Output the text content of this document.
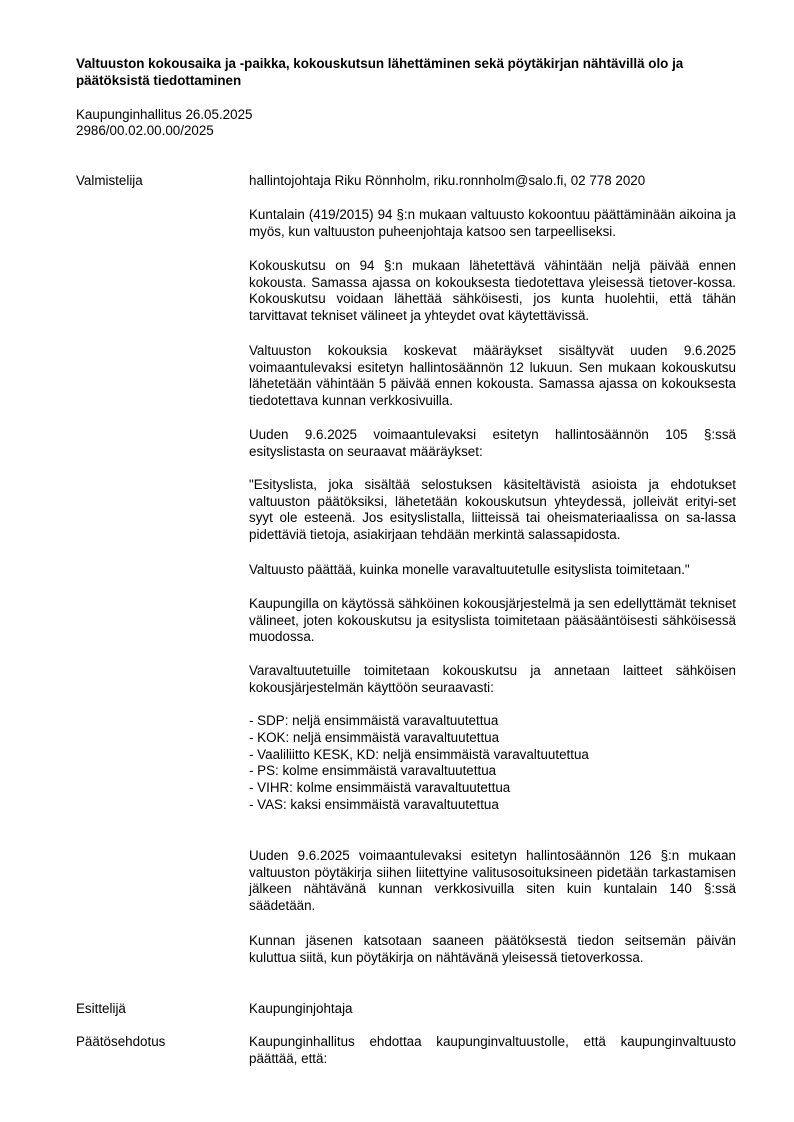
Valtuuston kokousaika ja -paikka, kokouskutsun lähettäminen sekä pöytäkirjan nähtävillä olo ja päätöksistä tiedottaminen

Kaupunginhallitus 26.05.2025

2986/00.02.00.00/2025

Valmistelija	hallintojohtaja Riku Rönnholm, riku.ronnholm@salo.fi, 02 778 2020

Kuntalain (419/2015) 94 §:n mukaan valtuusto kokoontuu päättäminään aikoina ja myös, kun valtuuston puheenjohtaja katsoo sen tarpeelliseksi.

Kokouskutsu on 94 §:n mukaan lähetettävä vähintään neljä päivää ennen kokousta. Samassa ajassa on kokouksesta tiedotettava yleisessä tietover-kossa. Kokouskutsu voidaan lähettää sähköisesti, jos kunta huolehtii, että tähän tarvittavat tekniset välineet ja yhteydet ovat käytettävissä.

Valtuuston kokouksia koskevat määräykset sisältyvät uuden 9.6.2025 voimaantulevaksi esitetyn hallintosäännön 12 lukuun. Sen mukaan kokouskutsu lähetetään vähintään 5 päivää ennen kokousta. Samassa ajassa on kokouksesta tiedotettava kunnan verkkosivuilla.

Uuden 9.6.2025 voimaantulevaksi esitetyn hallintosäännön 105 §:ssä esityslistasta on seuraavat määräykset:

"Esityslista, joka sisältää selostuksen käsiteltävistä asioista ja ehdotukset valtuuston päätöksiksi, lähetetään kokouskutsun yhteydessä, jolleivät erityi-set syyt ole esteenä. Jos esityslistalla, liitteissä tai oheismateriaalissa on sa-lassa pidettäviä tietoja, asiakirjaan tehdään merkintä salassapidosta.

Valtuusto päättää, kuinka monelle varavaltuutetulle esityslista toimitetaan."

Kaupungilla on käytössä sähköinen kokousjärjestelmä ja sen edellyttämät tekniset välineet, joten kokouskutsu ja esityslista toimitetaan pääsääntöisesti sähköisessä muodossa.

Varavaltuutetuille toimitetaan kokouskutsu ja annetaan laitteet sähköisen kokousjärjestelmän käyttöön seuraavasti:

- SDP: neljä ensimmäistä varavaltuutettua
- KOK: neljä ensimmäistä varavaltuutettua
- Vaaliliitto KESK, KD: neljä ensimmäistä varavaltuutettua
- PS: kolme ensimmäistä varavaltuutettua
- VIHR: kolme ensimmäistä varavaltuutettua
- VAS: kaksi ensimmäistä varavaltuutettua

Uuden 9.6.2025 voimaantulevaksi esitetyn hallintosäännön 126 §:n mukaan valtuuston pöytäkirja siihen liitettyine valitusosoituksineen pidetään tarkastamisen jälkeen nähtävänä kunnan verkkosivuilla siten kuin kuntalain 140 §:ssä säädetään.

Kunnan jäsenen katsotaan saaneen päätöksestä tiedon seitsemän päivän kuluttua siitä, kun pöytäkirja on nähtävänä yleisessä tietoverkossa.

Esittelijä	Kaupunginjohtaja
Päätösehdotus	Kaupunginhallitus ehdottaa kaupunginvaltuustolle, että kaupunginvaltuusto päättää, että:
